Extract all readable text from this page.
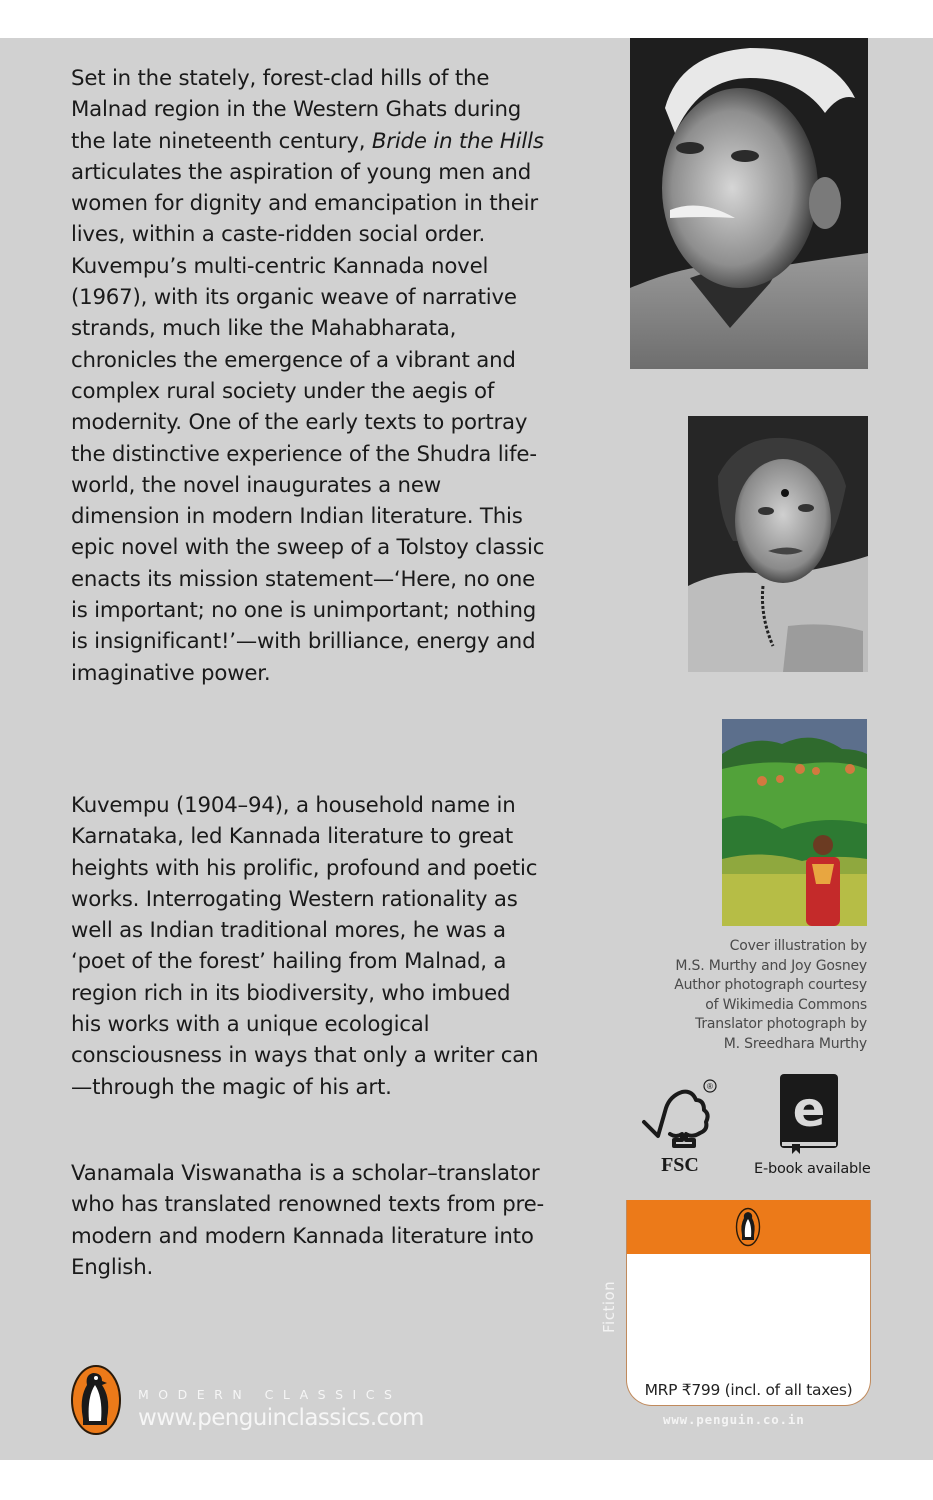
Set in the stately, forest-clad hills of the Malnad region in the Western Ghats during the late nineteenth century, Bride in the Hills articulates the aspiration of young men and women for dignity and emancipation in their lives, within a caste-ridden social order. Kuvempu’s multi-centric Kannada novel (1967), with its organic weave of narrative strands, much like the Mahabharata, chronicles the emergence of a vibrant and complex rural society under the aegis of modernity. One of the early texts to portray the distinctive experience of the Shudra life-world, the novel inaugurates a new dimension in modern Indian literature. This epic novel with the sweep of a Tolstoy classic enacts its mission statement—‘Here, no one is important; no one is unimportant; nothing is insignificant!’—with brilliance, energy and imaginative power.

Kuvempu (1904–94), a household name in Karnataka, led Kannada literature to great heights with his prolific, profound and poetic works. Interrogating Western rationality as well as Indian traditional mores, he was a ‘poet of the forest’ hailing from Malnad, a region rich in its biodiversity, who imbued his works with a unique ecological consciousness in ways that only a writer can—through the magic of his art.

Vanamala Viswanatha is a scholar–translator who has translated renowned texts from pre-modern and modern Kannada literature into English.

Cover illustration by
M.S. Murthy and Joy Gosney
Author photograph courtesy
of Wikimedia Commons
Translator photograph by
M. Sreedhara Murthy
®
FSC
e
E-book available
Fiction
MRP ₹799 (incl. of all taxes)
www.penguin.co.in
MODERN CLASSICS
www.penguinclassics.com
